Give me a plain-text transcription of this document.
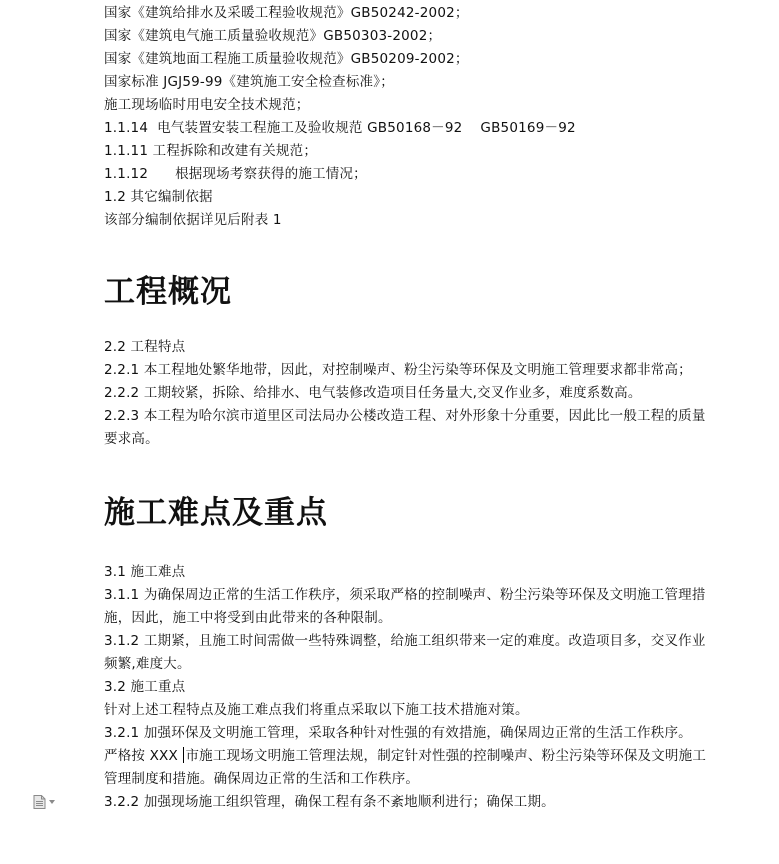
国家《建筑给排水及采暖工程验收规范》GB50242-2002；

国家《建筑电气施工质量验收规范》GB50303-2002；

国家《建筑地面工程施工质量验收规范》GB50209-2002；

国家标准 JGJ59-99《建筑施工安全检查标准》；

施工现场临时用电安全技术规范；

1.1.14  电气装置安装工程施工及验收规范 GB50168－92    GB50169－92

1.1.11 工程拆除和改建有关规范；

1.1.12      根据现场考察获得的施工情况；

1.2 其它编制依据

该部分编制依据详见后附表 1

工程概况

2.2 工程特点

2.2.1 本工程地处繁华地带，因此，对控制噪声、粉尘污染等环保及文明施工管理要求都非常高；

2.2.2 工期较紧，拆除、给排水、电气装修改造项目任务量大,交叉作业多，难度系数高。

2.2.3 本工程为哈尔滨市道里区司法局办公楼改造工程、对外形象十分重要，因此比一般工程的质量要求高。

施工难点及重点

3.1 施工难点

3.1.1 为确保周边正常的生活工作秩序，须采取严格的控制噪声、粉尘污染等环保及文明施工管理措施，因此，施工中将受到由此带来的各种限制。

3.1.2 工期紧，且施工时间需做一些特殊调整，给施工组织带来一定的难度。改造项目多，交叉作业频繁,难度大。

3.2 施工重点

针对上述工程特点及施工难点我们将重点采取以下施工技术措施对策。

3.2.1 加强环保及文明施工管理，采取各种针对性强的有效措施，确保周边正常的生活工作秩序。

严格按 XXX 市施工现场文明施工管理法规，制定针对性强的控制噪声、粉尘污染等环保及文明施工管理制度和措施。确保周边正常的生活和工作秩序。

3.2.2 加强现场施工组织管理，确保工程有条不紊地顺利进行；确保工期。
